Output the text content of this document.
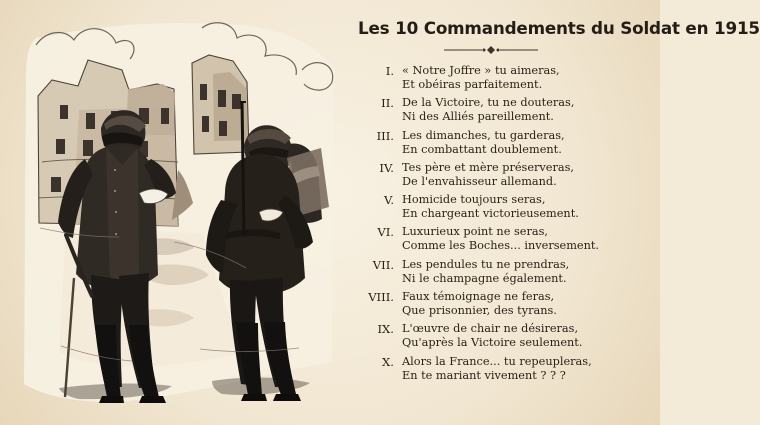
Les 10 Commandements du Soldat en 1915
I. « Notre Joffre » tu aimeras,
Et obéiras parfaitement.
II. De la Victoire, tu ne douteras,
Ni des Alliés pareillement.
III. Les dimanches, tu garderas,
En combattant doublement.
IV. Tes père et mère préserveras,
De l'envahisseur allemand.
V. Homicide toujours seras,
En chargeant victorieusement.
VI. Luxurieux point ne seras,
Comme les Boches... inversement.
VII. Les pendules tu ne prendras,
Ni le champagne également.
VIII. Faux témoignage ne feras,
Que prisonnier, des tyrans.
IX. L'œuvre de chair ne désireras,
Qu'après la Victoire seulement.
X. Alors la France... tu repeupleras,
En te mariant vivement ? ? ?
